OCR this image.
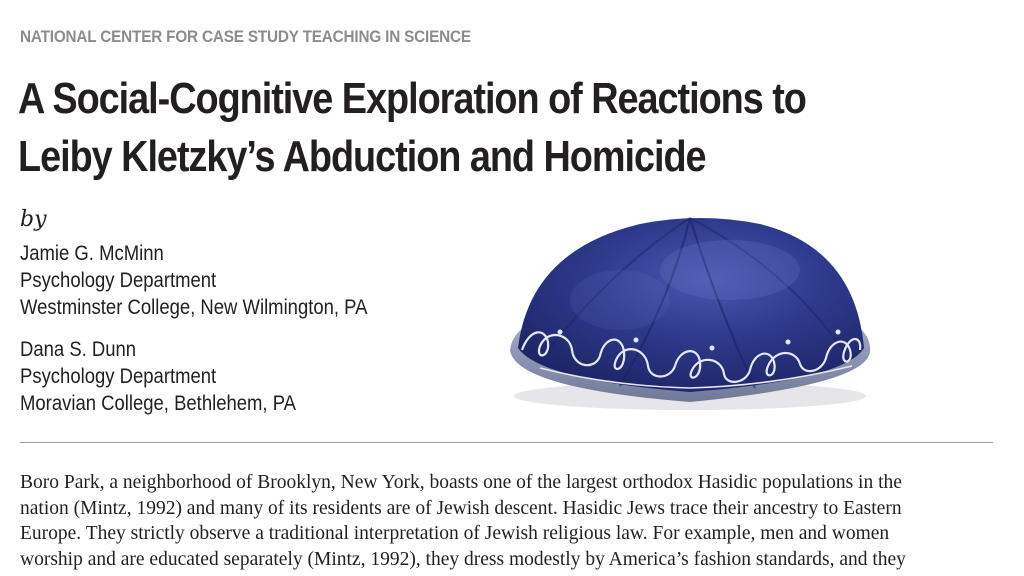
NATIONAL CENTER FOR CASE STUDY TEACHING IN SCIENCE
A Social-Cognitive Exploration of Reactions to
Leiby Kletzky’s Abduction and Homicide
by
Jamie G. McMinn
Psychology Department
Westminster College, New Wilmington, PA
Dana S. Dunn
Psychology Department
Moravian College, Bethlehem, PA

Boro Park, a neighborhood of Brooklyn, New York, boasts one of the largest orthodox Hasidic populations in the
nation (Mintz, 1992) and many of its residents are of Jewish descent. Hasidic Jews trace their ancestry to Eastern
Europe. They strictly observe a traditional interpretation of Jewish religious law. For example, men and women
worship and are educated separately (Mintz, 1992), they dress modestly by America’s fashion standards, and they
